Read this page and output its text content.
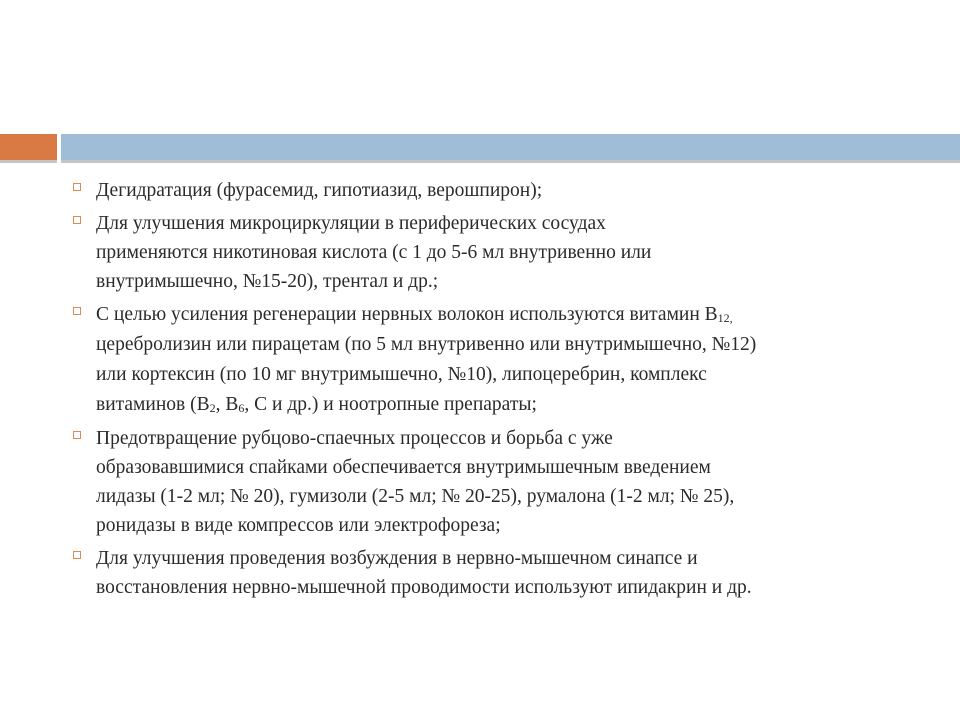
Дегидратация (фурасемид, гипотиазид, верошпирон);
Для улучшения микроциркуляции в периферических сосудах
применяются никотиновая кислота (с 1 до 5-6 мл внутривенно или
внутримышечно, №15-20), трентал и др.;
С целью усиления регенерации нервных волокон используются витамин $В_{12,}$
церебролизин или пирацетам (по 5 мл внутривенно или внутримышечно, №12)
или кортексин (по 10 мг внутримышечно, №10), липоцеребрин, комплекс
витаминов ($В_2$, $В_6$, С и др.) и ноотропные препараты;
Предотвращение рубцово-спаечных процессов и борьба с уже
образовавшимися спайками обеспечивается внутримышечным введением
лидазы (1-2 мл; № 20), гумизоли (2-5 мл; № 20-25), румалона (1-2 мл; № 25),
ронидазы в виде компрессов или электрофореза;
Для улучшения проведения возбуждения в нервно-мышечном синапсе и
восстановления нервно-мышечной проводимости используют ипидакрин и др.
